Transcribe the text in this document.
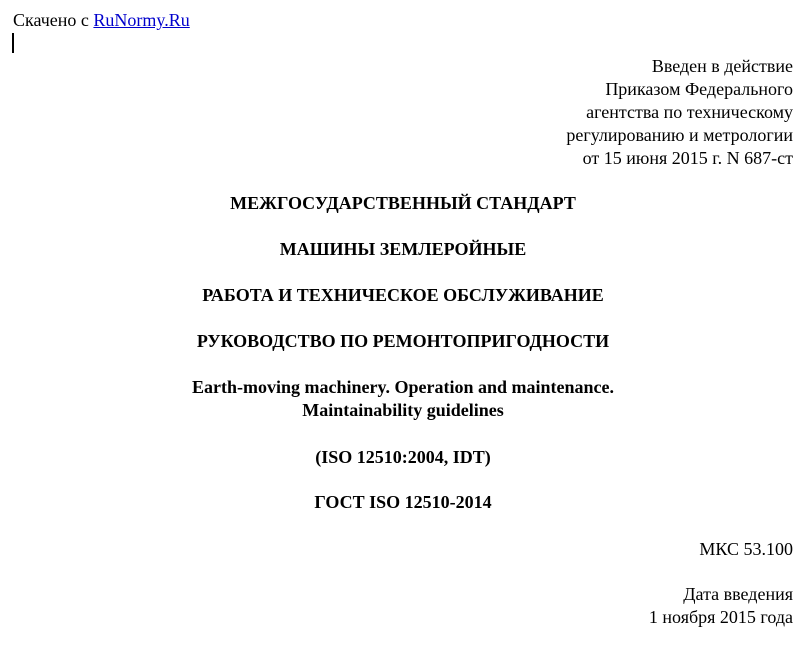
Скачено с RuNormy.Ru
Введен в действие
Приказом Федерального
агентства по техническому
регулированию и метрологии
от 15 июня 2015 г. N 687-ст
МЕЖГОСУДАРСТВЕННЫЙ СТАНДАРТ
МАШИНЫ ЗЕМЛЕРОЙНЫЕ
РАБОТА И ТЕХНИЧЕСКОЕ ОБСЛУЖИВАНИЕ
РУКОВОДСТВО ПО РЕМОНТОПРИГОДНОСТИ
Earth-moving machinery. Operation and maintenance.
Maintainability guidelines
(ISO 12510:2004, IDT)
ГОСТ ISO 12510-2014
МКС 53.100
Дата введения
1 ноября 2015 года
